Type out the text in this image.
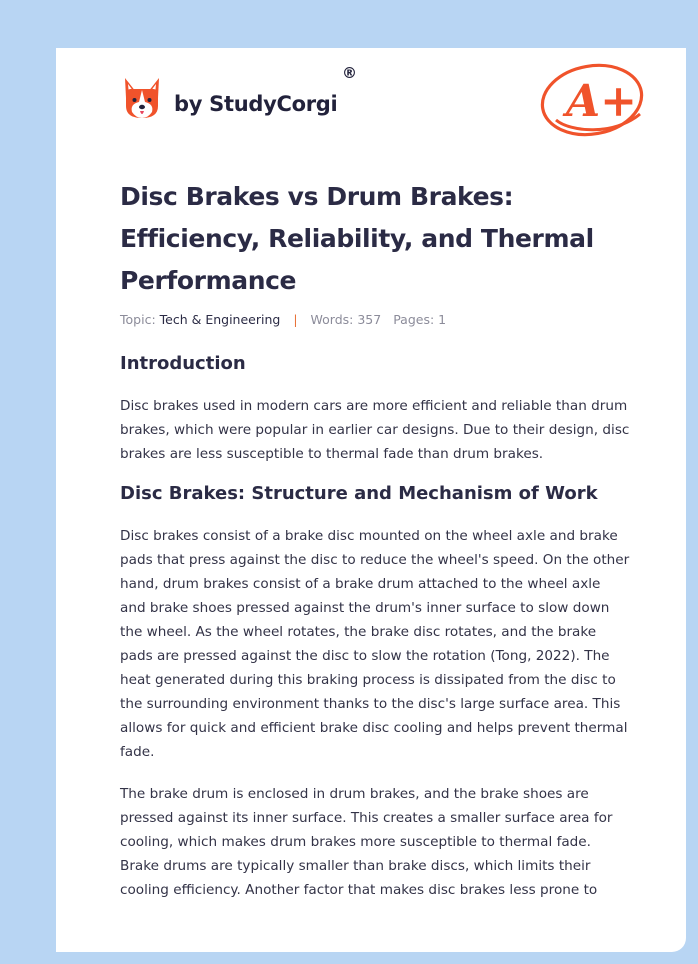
by StudyCorgi
®
A+
Disc Brakes vs Drum Brakes: Efficiency, Reliability, and Thermal Performance
Topic: Tech & Engineering | Words: 357 Pages: 1
Introduction

Disc brakes used in modern cars are more efficient and reliable than drum brakes, which were popular in earlier car designs. Due to their design, disc brakes are less susceptible to thermal fade than drum brakes.

Disc Brakes: Structure and Mechanism of Work

Disc brakes consist of a brake disc mounted on the wheel axle and brake pads that press against the disc to reduce the wheel's speed. On the other hand, drum brakes consist of a brake drum attached to the wheel axle and brake shoes pressed against the drum's inner surface to slow down the wheel. As the wheel rotates, the brake disc rotates, and the brake pads are pressed against the disc to slow the rotation (Tong, 2022). The heat generated during this braking process is dissipated from the disc to the surrounding environment thanks to the disc's large surface area. This allows for quick and efficient brake disc cooling and helps prevent thermal fade.

The brake drum is enclosed in drum brakes, and the brake shoes are pressed against its inner surface. This creates a smaller surface area for cooling, which makes drum brakes more susceptible to thermal fade. Brake drums are typically smaller than brake discs, which limits their cooling efficiency. Another factor that makes disc brakes less prone to
